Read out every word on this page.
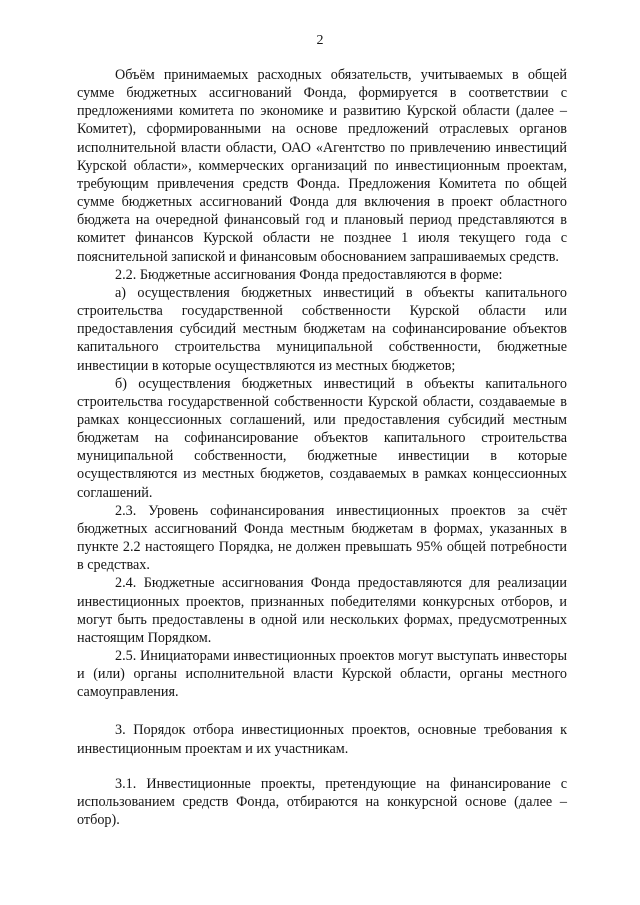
2

Объём принимаемых расходных обязательств, учитываемых в общей сумме бюджетных ассигнований Фонда, формируется в соответствии с предложениями комитета по экономике и развитию Курской области (далее – Комитет), сформированными на основе предложений отраслевых органов исполнительной власти области, ОАО «Агентство по привлечению инвестиций Курской области», коммерческих организаций по инвестиционным проектам, требующим привлечения средств Фонда. Предложения Комитета по общей сумме бюджетных ассигнований Фонда для включения в проект областного бюджета на очередной финансовый год и плановый период представляются в комитет финансов Курской области не позднее 1 июля текущего года с пояснительной запиской и финансовым обоснованием запрашиваемых средств.

2.2. Бюджетные ассигнования Фонда предоставляются в форме:

а) осуществления бюджетных инвестиций в объекты капитального строительства государственной собственности Курской области или предоставления субсидий местным бюджетам на софинансирование объектов капитального строительства муниципальной собственности, бюджетные инвестиции в которые осуществляются из местных бюджетов;

б) осуществления бюджетных инвестиций в объекты капитального строительства государственной собственности Курской области, создаваемые в рамках концессионных соглашений, или предоставления субсидий местным бюджетам на софинансирование объектов капитального строительства муниципальной собственности, бюджетные инвестиции в которые осуществляются из местных бюджетов, создаваемых в рамках концессионных соглашений.

2.3. Уровень софинансирования инвестиционных проектов за счёт бюджетных ассигнований Фонда местным бюджетам в формах, указанных в пункте 2.2 настоящего Порядка, не должен превышать 95% общей потребности в средствах.

2.4. Бюджетные ассигнования Фонда предоставляются для реализации инвестиционных проектов, признанных победителями конкурсных отборов, и могут быть предоставлены в одной или нескольких формах, предусмотренных настоящим Порядком.

2.5. Инициаторами инвестиционных проектов могут выступать инвесторы и (или) органы исполнительной власти Курской области, органы местного самоуправления.

3. Порядок отбора инвестиционных проектов, основные требования к инвестиционным проектам и их участникам.

3.1. Инвестиционные проекты, претендующие на финансирование с использованием средств Фонда, отбираются на конкурсной основе (далее – отбор).
